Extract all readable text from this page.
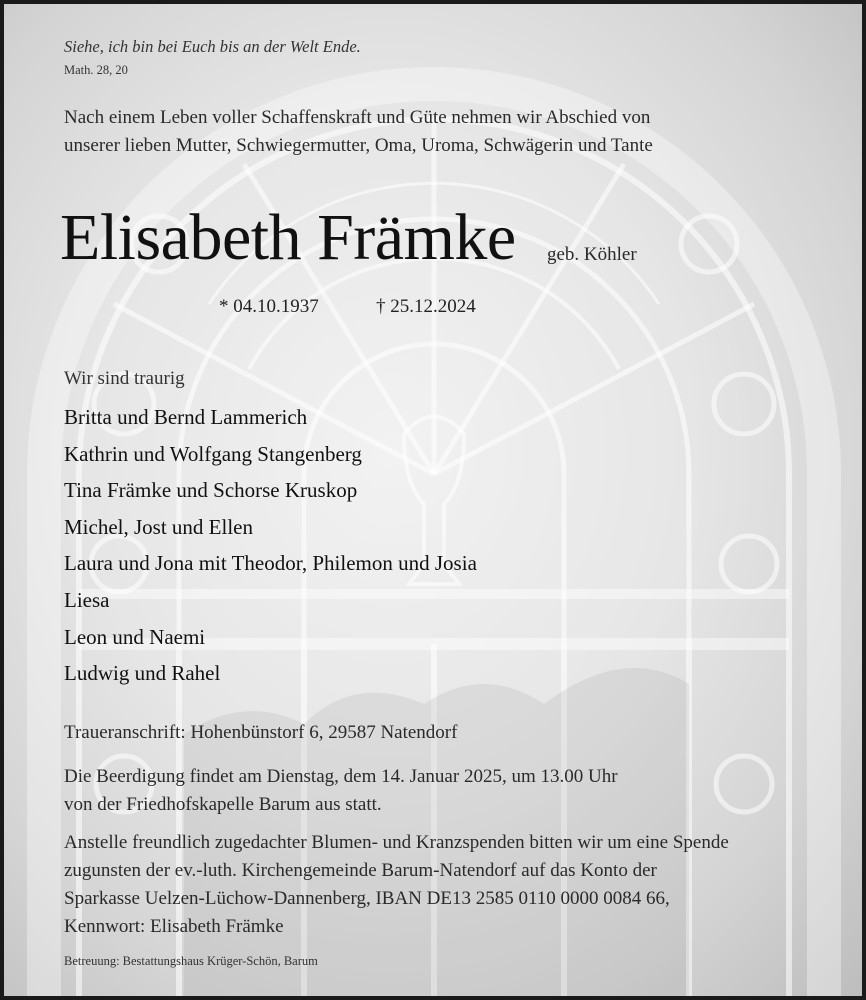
Siehe, ich bin bei Euch bis an der Welt Ende.
Math. 28, 20
Nach einem Leben voller Schaffenskraft und Güte nehmen wir Abschied von
unserer lieben Mutter, Schwiegermutter, Oma, Uroma, Schwägerin und Tante
Elisabeth Främke geb. Köhler
* 04.10.1937	† 25.12.2024
Wir sind traurig
Britta und Bernd Lammerich
Kathrin und Wolfgang Stangenberg
Tina Främke und Schorse Kruskop
Michel, Jost und Ellen
Laura und Jona mit Theodor, Philemon und Josia
Liesa
Leon und Naemi
Ludwig und Rahel
Traueranschrift: Hohenbünstorf 6, 29587 Natendorf
Die Beerdigung findet am Dienstag, dem 14. Januar 2025, um 13.00 Uhr
von der Friedhofskapelle Barum aus statt.
Anstelle freundlich zugedachter Blumen- und Kranzspenden bitten wir um eine Spende
zugunsten der ev.-luth. Kirchengemeinde Barum-Natendorf auf das Konto der
Sparkasse Uelzen-Lüchow-Dannenberg, IBAN DE13 2585 0110 0000 0084 66,
Kennwort: Elisabeth Främke
Betreuung: Bestattungshaus Krüger-Schön, Barum
